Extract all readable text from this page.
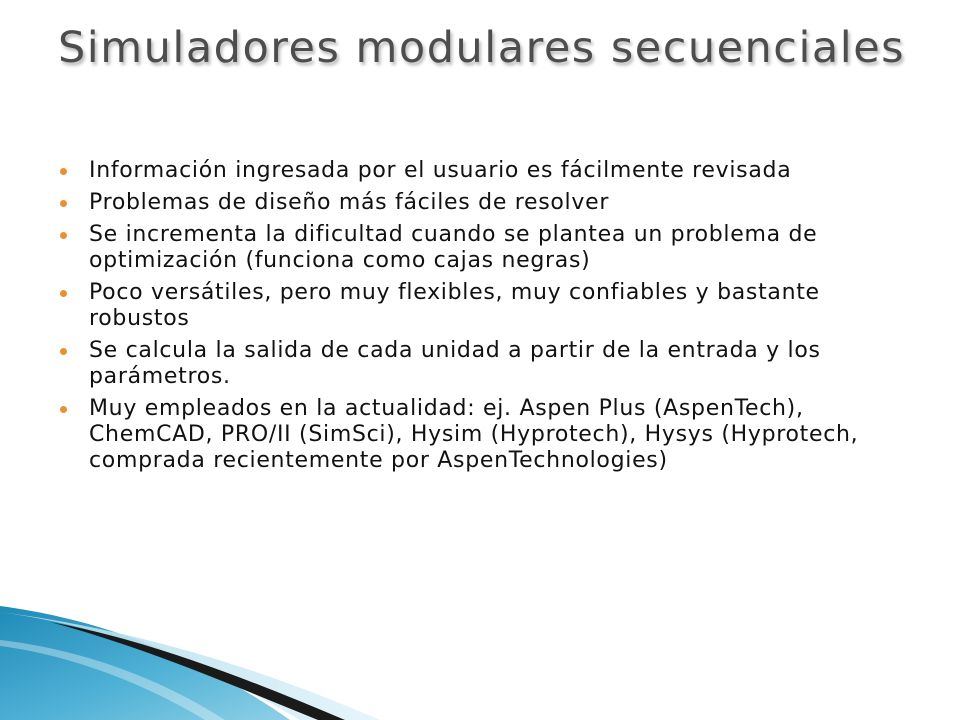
Simuladores modulares secuenciales
Información ingresada por el usuario es fácilmente revisada
Problemas de diseño más fáciles de resolver
Se incrementa la dificultad cuando se plantea un problema de optimización (funciona como cajas negras)
Poco versátiles, pero muy flexibles, muy confiables y bastante robustos
Se calcula la salida de cada unidad a partir de la entrada y los parámetros.
Muy empleados en la actualidad: ej. Aspen Plus (AspenTech), ChemCAD, PRO/II (SimSci), Hysim (Hyprotech), Hysys (Hyprotech, comprada recientemente por AspenTechnologies)
